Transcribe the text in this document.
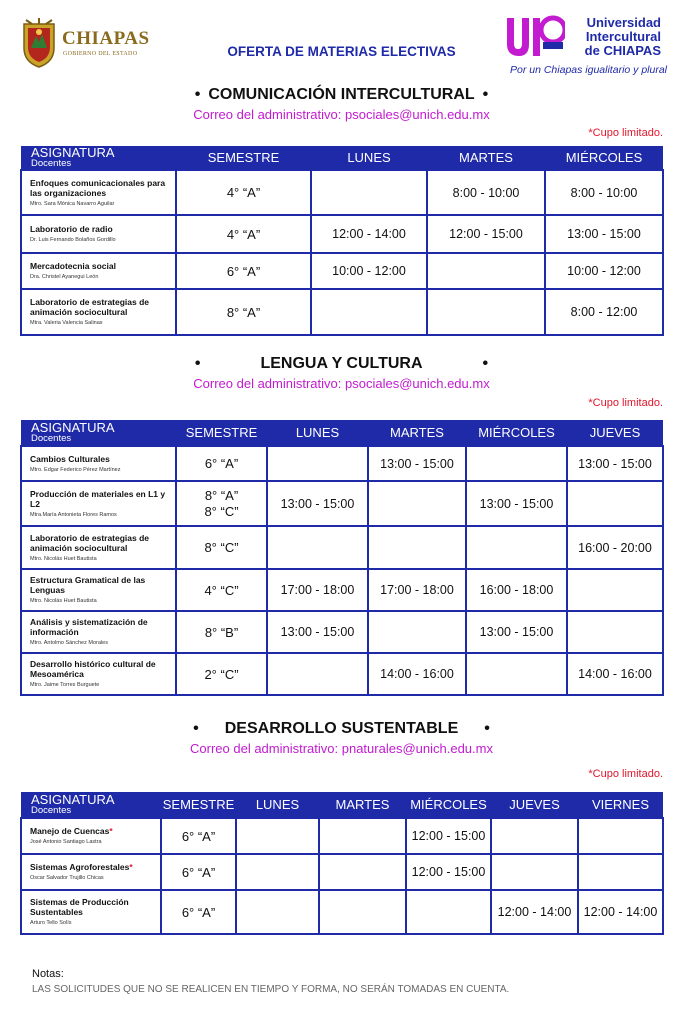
CHIAPAS
GOBIERNO DEL ESTADO	OFERTA DE MATERIAS ELECTIVAS
Universidad
Intercultural
de CHIAPAS
Por un Chiapas igualitario y plural
• COMUNICACIÓN INTERCULTURAL •
Correo del administrativo: psociales@unich.edu.mx
*Cupo limitado.
ASIGNATURA
Docentes	SEMESTRE	LUNES	MARTES	MIÉRCOLES

Enfoques comunicacionales para las organizaciones
Mtro. Sara Mónica Navarro Aguilar	4° “A”		8:00 - 10:00	8:00 - 10:00

Laboratorio de radio
Dr. Luis Fernando Bolaños Gordillo	4° “A”	12:00 - 14:00	12:00 - 15:00	13:00 - 15:00

Mercadotecnia social
Dra. Christel Ayanegui León	6° “A”	10:00 - 12:00		10:00 - 12:00

Laboratorio de estrategias de animación sociocultural
Mtra. Valeria Valencia Salinas	8° “A”			8:00 - 12:00
•	LENGUA Y CULTURA	•
Correo del administrativo: psociales@unich.edu.mx
*Cupo limitado.
ASIGNATURA
Docentes	SEMESTRE	LUNES	MARTES	MIÉRCOLES	JUEVES

Cambios Culturales
Mtro. Edgar Federico Pérez Martínez	6° “A”		13:00 - 15:00		13:00 - 15:00

Producción de materiales en L1 y L2
Mtra.María Antonieta Flores Ramos	8° “A”
8° “C”	13:00 - 15:00		13:00 - 15:00	

Laboratorio de estrategias de animación sociocultural
Mtro. Nicolás Huet Bautista	8° “C”				16:00 - 20:00

Estructura Gramatical de las Lenguas
Mtro. Nicolás Huet Bautista	4° “C”	17:00 - 18:00	17:00 - 18:00	16:00 - 18:00	

Análisis y sistematización de información
Mtro. Antolmo Sánchez Morales	8° “B”	13:00 - 15:00		13:00 - 15:00	

Desarrollo histórico cultural de Mesoamérica
Mtro. Jaime Torres Burguete	2° “C”		14:00 - 16:00		14:00 - 16:00
• DESARROLLO SUSTENTABLE •
Correo del administrativo: pnaturales@unich.edu.mx
*Cupo limitado.
ASIGNATURA
Docentes	SEMESTRE	LUNES	MARTES	MIÉRCOLES	JUEVES	VIERNES

Manejo de Cuencas*
José Antonio Santiago Lastra	6° “A”			12:00 - 15:00		

Sistemas Agroforestales*
Oscar Salvador Trujillo Chicas	6° “A”			12:00 - 15:00		

Sistemas de Producción Sustentables
Arturo Tello Solís	6° “A”				12:00 - 14:00	12:00 - 14:00
Notas:
LAS SOLICITUDES QUE NO SE REALICEN EN TIEMPO Y FORMA, NO SERÁN TOMADAS EN CUENTA.
